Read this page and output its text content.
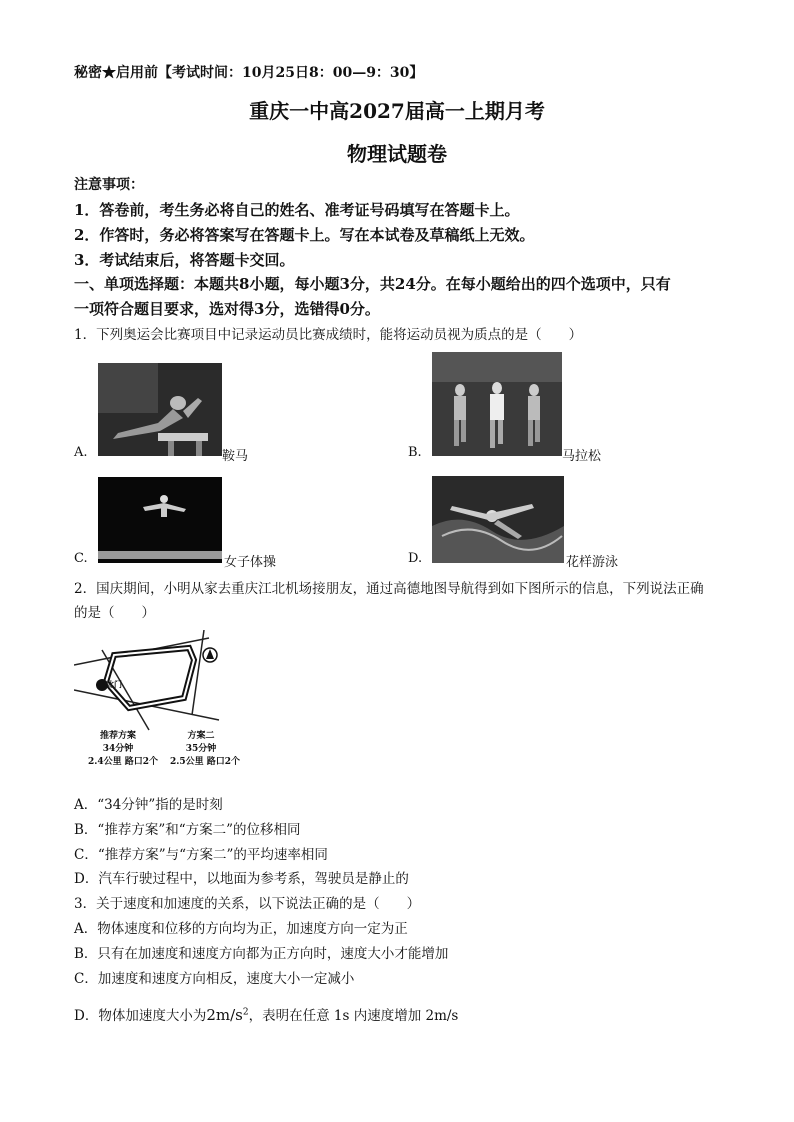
秘密★启用前【考试时间：10月25日8：00—9：30】
重庆一中高2027届高一上期月考
物理试题卷
注意事项：
1．答卷前，考生务必将自己的姓名、准考证号码填写在答题卡上。
2．作答时，务必将答案写在答题卡上。写在本试卷及草稿纸上无效。
3．考试结束后，将答题卡交回。
一、单项选择题：本题共8小题，每小题3分，共24分。在每小题给出的四个选项中，只有
一项符合题目要求，选对得3分，选错得0分。
1．下列奥运会比赛项目中记录运动员比赛成绩时，能将运动员视为质点的是（　　）
A.	鞍马	B.	马拉松
C.	女子体操	D.	花样游泳
2．国庆期间，小明从家去重庆江北机场接朋友，通过高德地图导航得到如下图所示的信息，下列说法正确
的是（　　）
北门
推荐方案
34分钟
2.4公里 路口2个
方案二
35分钟
2.5公里 路口2个
A．“34分钟”指的是时刻
B．“推荐方案”和“方案二”的位移相同
C．“推荐方案”与“方案二”的平均速率相同
D．汽车行驶过程中，以地面为参考系，驾驶员是静止的
3．关于速度和加速度的关系，以下说法正确的是（　　）
A．物体速度和位移的方向均为正，加速度方向一定为正
B．只有在加速度和速度方向都为正方向时，速度大小才能增加
C．加速度和速度方向相反，速度大小一定减小
D．物体加速度大小为$2m/s^2$，表明在任意 1s 内速度增加 2m/s
